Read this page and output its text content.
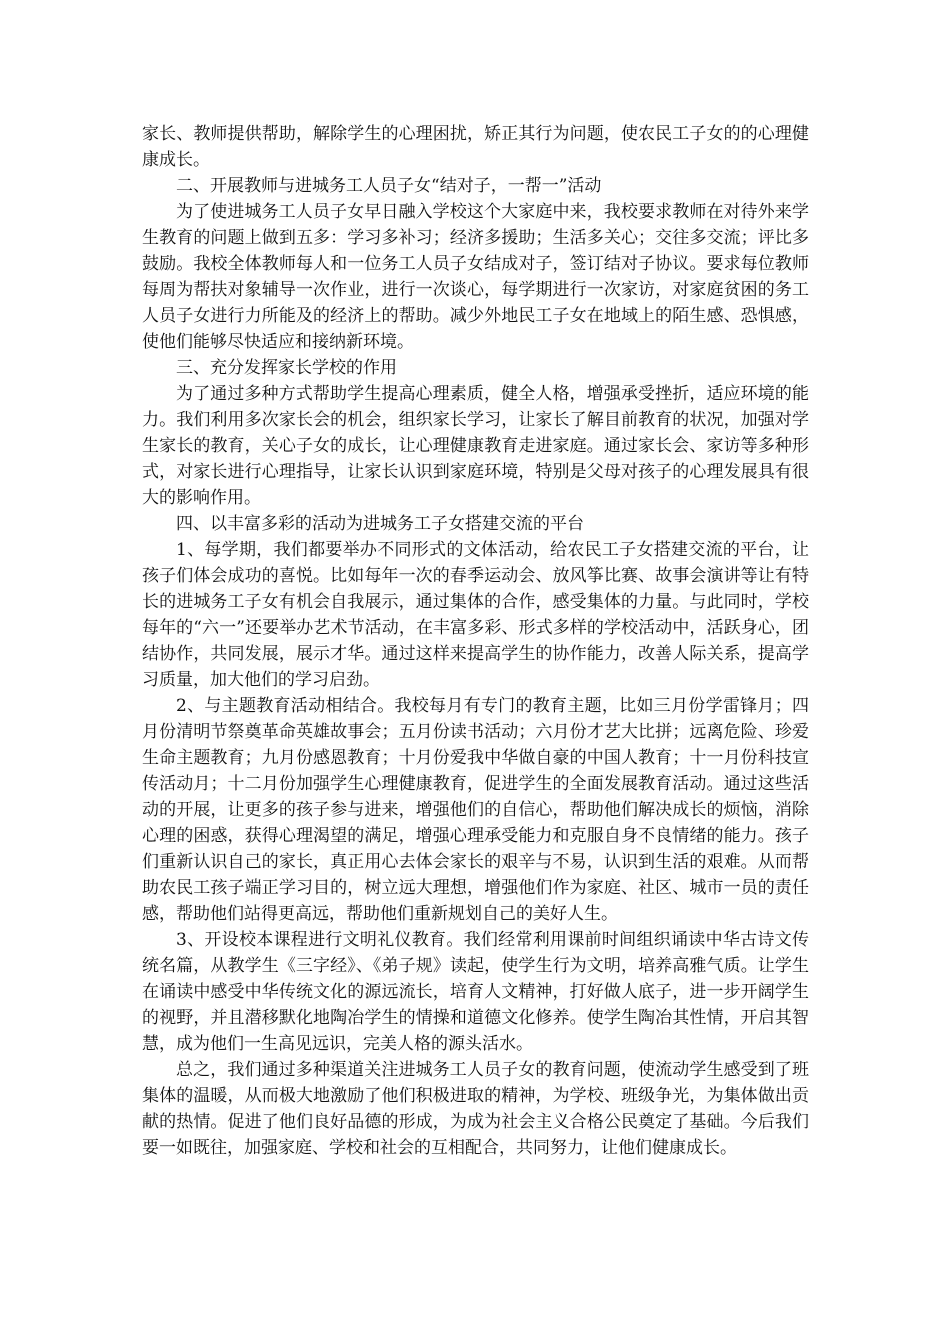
家长、教师提供帮助，解除学生的心理困扰，矫正其行为问题，使农民工子女的的心理健康成长。

二、开展教师与进城务工人员子女“结对子，一帮一”活动

为了使进城务工人员子女早日融入学校这个大家庭中来，我校要求教师在对待外来学生教育的问题上做到五多：学习多补习；经济多援助；生活多关心；交往多交流；评比多鼓励。我校全体教师每人和一位务工人员子女结成对子，签订结对子协议。要求每位教师每周为帮扶对象辅导一次作业，进行一次谈心，每学期进行一次家访，对家庭贫困的务工人员子女进行力所能及的经济上的帮助。减少外地民工子女在地域上的陌生感、恐惧感，使他们能够尽快适应和接纳新环境。

三、充分发挥家长学校的作用

为了通过多种方式帮助学生提高心理素质，健全人格，增强承受挫折，适应环境的能力。我们利用多次家长会的机会，组织家长学习，让家长了解目前教育的状况，加强对学生家长的教育，关心子女的成长，让心理健康教育走进家庭。通过家长会、家访等多种形式，对家长进行心理指导，让家长认识到家庭环境，特别是父母对孩子的心理发展具有很大的影响作用。

四、以丰富多彩的活动为进城务工子女搭建交流的平台

1、每学期，我们都要举办不同形式的文体活动，给农民工子女搭建交流的平台，让孩子们体会成功的喜悦。比如每年一次的春季运动会、放风筝比赛、故事会演讲等让有特长的进城务工子女有机会自我展示，通过集体的合作，感受集体的力量。与此同时，学校每年的“六一”还要举办艺术节活动，在丰富多彩、形式多样的学校活动中，活跃身心，团结协作，共同发展，展示才华。通过这样来提高学生的协作能力，改善人际关系，提高学习质量，加大他们的学习启劲。

2、与主题教育活动相结合。我校每月有专门的教育主题，比如三月份学雷锋月；四月份清明节祭奠革命英雄故事会；五月份读书活动；六月份才艺大比拼；远离危险、珍爱生命主题教育；九月份感恩教育；十月份爱我中华做自豪的中国人教育；十一月份科技宣传活动月；十二月份加强学生心理健康教育，促进学生的全面发展教育活动。通过这些活动的开展，让更多的孩子参与进来，增强他们的自信心，帮助他们解决成长的烦恼，消除心理的困惑，获得心理渴望的满足，增强心理承受能力和克服自身不良情绪的能力。孩子们重新认识自己的家长，真正用心去体会家长的艰辛与不易，认识到生活的艰难。从而帮助农民工孩子端正学习目的，树立远大理想，增强他们作为家庭、社区、城市一员的责任感，帮助他们站得更高远，帮助他们重新规划自己的美好人生。

3、开设校本课程进行文明礼仪教育。我们经常利用课前时间组织诵读中华古诗文传统名篇，从教学生《三字经》、《弟子规》读起，使学生行为文明，培养高雅气质。让学生在诵读中感受中华传统文化的源远流长，培育人文精神，打好做人底子，进一步开阔学生的视野，并且潜移默化地陶冶学生的情操和道德文化修养。使学生陶冶其性情，开启其智慧，成为他们一生高见远识，完美人格的源头活水。

总之，我们通过多种渠道关注进城务工人员子女的教育问题，使流动学生感受到了班集体的温暖，从而极大地激励了他们积极进取的精神，为学校、班级争光，为集体做出贡献的热情。促进了他们良好品德的形成，为成为社会主义合格公民奠定了基础。今后我们要一如既往，加强家庭、学校和社会的互相配合，共同努力，让他们健康成长。
